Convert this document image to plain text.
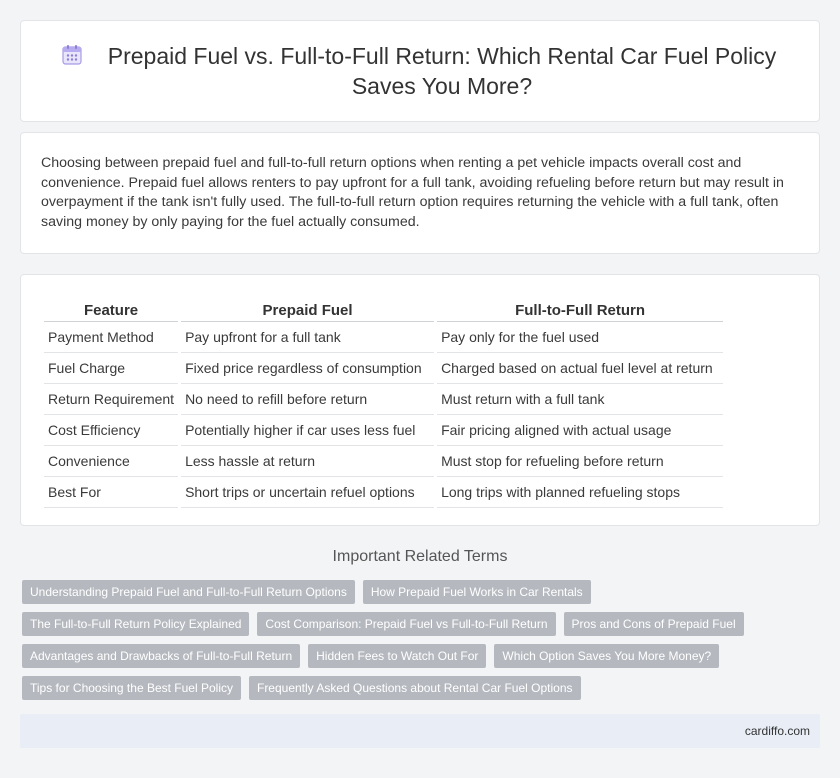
Prepaid Fuel vs. Full-to-Full Return: Which Rental Car Fuel Policy Saves You More?

Choosing between prepaid fuel and full-to-full return options when renting a pet vehicle impacts overall cost and convenience. Prepaid fuel allows renters to pay upfront for a full tank, avoiding refueling before return but may result in overpayment if the tank isn't fully used. The full-to-full return option requires returning the vehicle with a full tank, often saving money by only paying for the fuel actually consumed.

Feature	Prepaid Fuel	Full-to-Full Return
Payment Method	Pay upfront for a full tank	Pay only for the fuel used
Fuel Charge	Fixed price regardless of consumption	Charged based on actual fuel level at return
Return Requirement	No need to refill before return	Must return with a full tank
Cost Efficiency	Potentially higher if car uses less fuel	Fair pricing aligned with actual usage
Convenience	Less hassle at return	Must stop for refueling before return
Best For	Short trips or uncertain refuel options	Long trips with planned refueling stops
Important Related Terms
Understanding Prepaid Fuel and Full-to-Full Return Options	How Prepaid Fuel Works in Car Rentals
The Full-to-Full Return Policy Explained	Cost Comparison: Prepaid Fuel vs Full-to-Full Return	Pros and Cons of Prepaid Fuel
Advantages and Drawbacks of Full-to-Full Return	Hidden Fees to Watch Out For	Which Option Saves You More Money?
Tips for Choosing the Best Fuel Policy	Frequently Asked Questions about Rental Car Fuel Options
cardiffo.com
